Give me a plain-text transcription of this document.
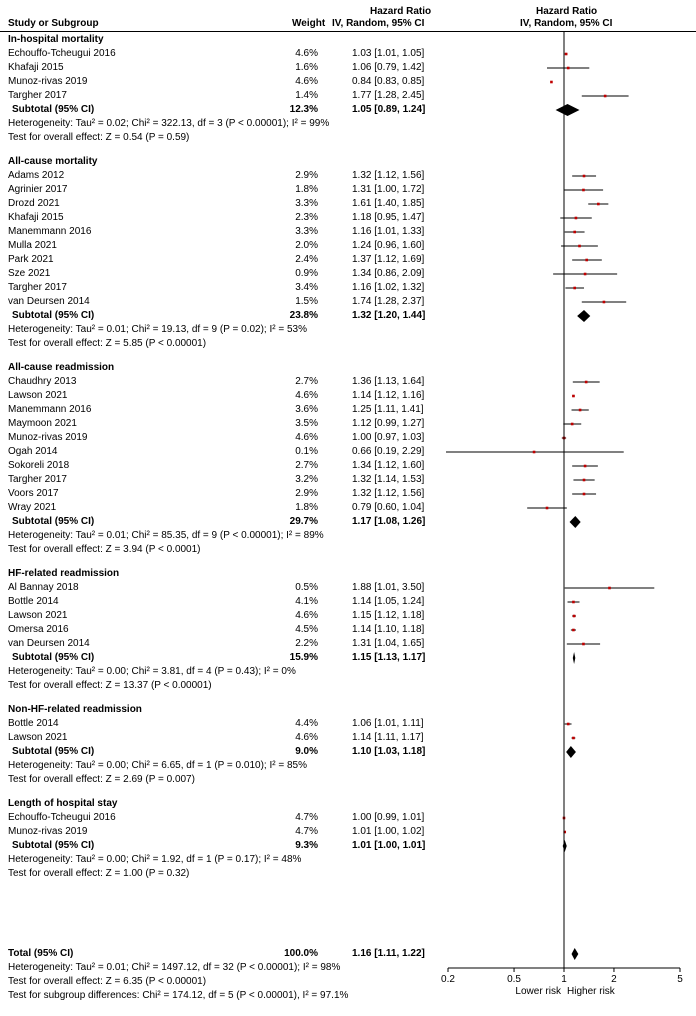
Study or Subgroup	Weight
Hazard Ratio
IV, Random, 95% CI
Hazard Ratio
IV, Random, 95% CI
In-hospital mortality
Echouffo-Tcheugui 2016	4.6%	1.03 [1.01, 1.05]
Khafaji 2015	1.6%	1.06 [0.79, 1.42]
Munoz-rivas 2019	4.6%	0.84 [0.83, 0.85]
Targher 2017	1.4%	1.77 [1.28, 2.45]
Subtotal (95% CI)	12.3%	1.05 [0.89, 1.24]
Heterogeneity: Tau² = 0.02; Chi² = 322.13, df = 3 (P < 0.00001); I² = 99%
Test for overall effect: Z = 0.54 (P = 0.59)
All-cause mortality
Adams 2012	2.9%	1.32 [1.12, 1.56]
Agrinier 2017	1.8%	1.31 [1.00, 1.72]
Drozd 2021	3.3%	1.61 [1.40, 1.85]
Khafaji 2015	2.3%	1.18 [0.95, 1.47]
Manemmann 2016	3.3%	1.16 [1.01, 1.33]
Mulla 2021	2.0%	1.24 [0.96, 1.60]
Park 2021	2.4%	1.37 [1.12, 1.69]
Sze 2021	0.9%	1.34 [0.86, 2.09]
Targher 2017	3.4%	1.16 [1.02, 1.32]
van Deursen 2014	1.5%	1.74 [1.28, 2.37]
Subtotal (95% CI)	23.8%	1.32 [1.20, 1.44]
Heterogeneity: Tau² = 0.01; Chi² = 19.13, df = 9 (P = 0.02); I² = 53%
Test for overall effect: Z = 5.85 (P < 0.00001)
All-cause readmission
Chaudhry 2013	2.7%	1.36 [1.13, 1.64]
Lawson 2021	4.6%	1.14 [1.12, 1.16]
Manemmann 2016	3.6%	1.25 [1.11, 1.41]
Maymoon 2021	3.5%	1.12 [0.99, 1.27]
Munoz-rivas 2019	4.6%	1.00 [0.97, 1.03]
Ogah 2014	0.1%	0.66 [0.19, 2.29]
Sokoreli 2018	2.7%	1.34 [1.12, 1.60]
Targher 2017	3.2%	1.32 [1.14, 1.53]
Voors 2017	2.9%	1.32 [1.12, 1.56]
Wray 2021	1.8%	0.79 [0.60, 1.04]
Subtotal (95% CI)	29.7%	1.17 [1.08, 1.26]
Heterogeneity: Tau² = 0.01; Chi² = 85.35, df = 9 (P < 0.00001); I² = 89%
Test for overall effect: Z = 3.94 (P < 0.0001)
HF-related readmission
Al Bannay 2018	0.5%	1.88 [1.01, 3.50]
Bottle 2014	4.1%	1.14 [1.05, 1.24]
Lawson 2021	4.6%	1.15 [1.12, 1.18]
Omersa 2016	4.5%	1.14 [1.10, 1.18]
van Deursen 2014	2.2%	1.31 [1.04, 1.65]
Subtotal (95% CI)	15.9%	1.15 [1.13, 1.17]
Heterogeneity: Tau² = 0.00; Chi² = 3.81, df = 4 (P = 0.43); I² = 0%
Test for overall effect: Z = 13.37 (P < 0.00001)
Non-HF-related readmission
Bottle 2014	4.4%	1.06 [1.01, 1.11]
Lawson 2021	4.6%	1.14 [1.11, 1.17]
Subtotal (95% CI)	9.0%	1.10 [1.03, 1.18]
Heterogeneity: Tau² = 0.00; Chi² = 6.65, df = 1 (P = 0.010); I² = 85%
Test for overall effect: Z = 2.69 (P = 0.007)
Length of hospital stay
Echouffo-Tcheugui 2016	4.7%	1.00 [0.99, 1.01]
Munoz-rivas 2019	4.7%	1.01 [1.00, 1.02]
Subtotal (95% CI)	9.3%	1.01 [1.00, 1.01]
Heterogeneity: Tau² = 0.00; Chi² = 1.92, df = 1 (P = 0.17); I² = 48%
Test for overall effect: Z = 1.00 (P = 0.32)
Total (95% CI)	100.0%	1.16 [1.11, 1.22]
Heterogeneity: Tau² = 0.01; Chi² = 1497.12, df = 32 (P < 0.00001); I² = 98%
Test for overall effect: Z = 6.35 (P < 0.00001)
Test for subgroup differences: Chi² = 174.12, df = 5 (P < 0.00001), I² = 97.1%
0.2	0.5	1	2	5
Lower risk Higher risk
